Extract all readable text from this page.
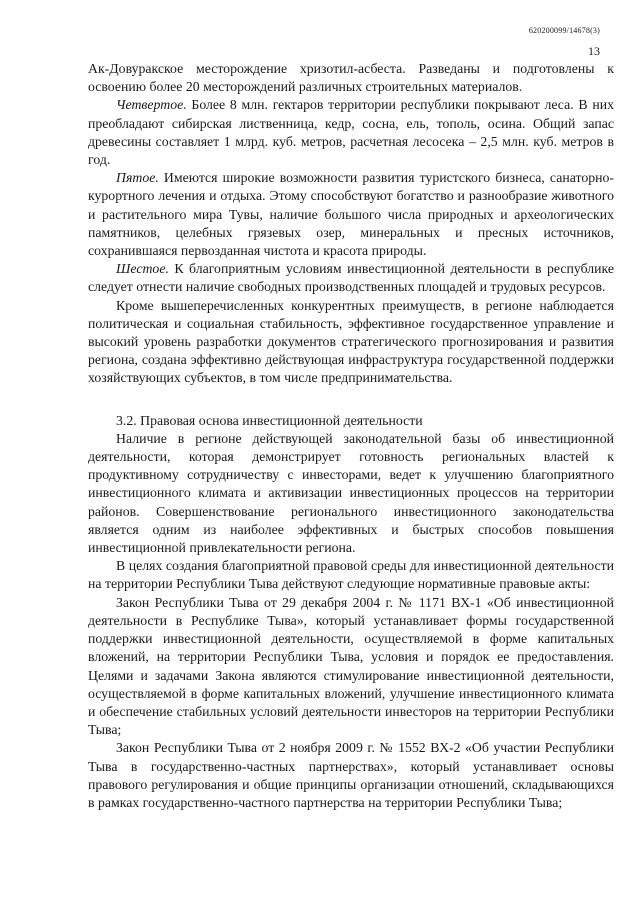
620200099/14678(3)
13

Ак-Довуракское месторождение хризотил-асбеста. Разведаны и подготовлены к освоению более 20 месторождений различных строительных материалов.

Четвертое. Более 8 млн. гектаров территории республики покрывают леса. В них преобладают сибирская лиственница, кедр, сосна, ель, тополь, осина. Общий запас древесины составляет 1 млрд. куб. метров, расчетная лесосека – 2,5 млн. куб. метров в год.

Пятое. Имеются широкие возможности развития туристского бизнеса, санаторно-курортного лечения и отдыха. Этому способствуют богатство и разнообразие животного и растительного мира Тувы, наличие большого числа природных и археологических памятников, целебных грязевых озер, минеральных и пресных источников, сохранившаяся первозданная чистота и красота природы.

Шестое. К благоприятным условиям инвестиционной деятельности в республике следует отнести наличие свободных производственных площадей и трудовых ресурсов.

Кроме вышеперечисленных конкурентных преимуществ, в регионе наблюдается политическая и социальная стабильность, эффективное государственное управление и высокий уровень разработки документов стратегического прогнозирования и развития региона, создана эффективно действующая инфраструктура государственной поддержки хозяйствующих субъектов, в том числе предпринимательства.

3.2. Правовая основа инвестиционной деятельности

Наличие в регионе действующей законодательной базы об инвестиционной деятельности, которая демонстрирует готовность региональных властей к продуктивному сотрудничеству с инвесторами, ведет к улучшению благоприятного инвестиционного климата и активизации инвестиционных процессов на территории районов. Совершенствование регионального инвестиционного законодательства является одним из наиболее эффективных и быстрых способов повышения инвестиционной привлекательности региона.

В целях создания благоприятной правовой среды для инвестиционной деятельности на территории Республики Тыва действуют следующие нормативные правовые акты:

Закон Республики Тыва от 29 декабря 2004 г. № 1171 ВХ-1 «Об инвестиционной деятельности в Республике Тыва», который устанавливает формы государственной поддержки инвестиционной деятельности, осуществляемой в форме капитальных вложений, на территории Республики Тыва, условия и порядок ее предоставления. Целями и задачами Закона являются стимулирование инвестиционной деятельности, осуществляемой в форме капитальных вложений, улучшение инвестиционного климата и обеспечение стабильных условий деятельности инвесторов на территории Республики Тыва;

Закон Республики Тыва от 2 ноября 2009 г. № 1552 ВХ-2 «Об участии Республики Тыва в государственно-частных партнерствах», который устанавливает основы правового регулирования и общие принципы организации отношений, складывающихся в рамках государственно-частного партнерства на территории Республики Тыва;
